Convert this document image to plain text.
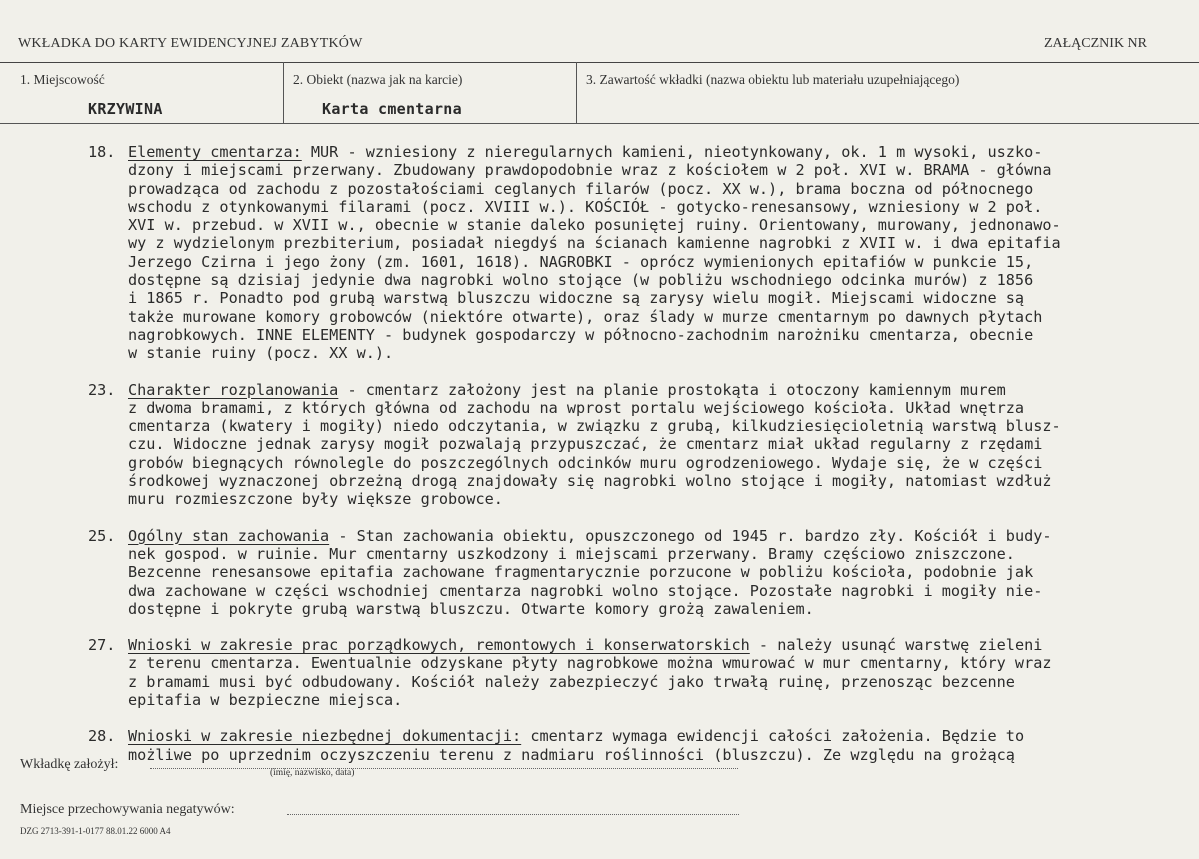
WKŁADKA DO KARTY EWIDENCYJNEJ ZABYTKÓW	ZAŁĄCZNIK NR
1. Miejscowość
KRZYWINA
2. Obiekt (nazwa jak na karcie)
Karta cmentarna
3. Zawartość wkładki (nazwa obiektu lub materiału uzupełniającego)
18. Elementy cmentarza: MUR - wzniesiony z nieregularnych kamieni, nieotynkowany, ok. 1 m wysoki, uszko-
dzony i miejscami przerwany. Zbudowany prawdopodobnie wraz z kościołem w 2 poł. XVI w. BRAMA - główna
prowadząca od zachodu z pozostałościami ceglanych filarów (pocz. XX w.), brama boczna od północnego
wschodu z otynkowanymi filarami (pocz. XVIII w.). KOŚCIÓŁ - gotycko-renesansowy, wzniesiony w 2 poł.
XVI w. przebud. w XVII w., obecnie w stanie daleko posuniętej ruiny. Orientowany, murowany, jednonawo-
wy z wydzielonym prezbiterium, posiadał niegdyś na ścianach kamienne nagrobki z XVII w. i dwa epitafia
Jerzego Czirna i jego żony (zm. 1601, 1618). NAGROBKI - oprócz wymienionych epitafiów w punkcie 15,
dostępne są dzisiaj jedynie dwa nagrobki wolno stojące (w pobliżu wschodniego odcinka murów) z 1856
i 1865 r. Ponadto pod grubą warstwą bluszczu widoczne są zarysy wielu mogił. Miejscami widoczne są
także murowane komory grobowców (niektóre otwarte), oraz ślady w murze cmentarnym po dawnych płytach
nagrobkowych. INNE ELEMENTY - budynek gospodarczy w północno-zachodnim narożniku cmentarza, obecnie
w stanie ruiny (pocz. XX w.).
23. Charakter rozplanowania - cmentarz założony jest na planie prostokąta i otoczony kamiennym murem
z dwoma bramami, z których główna od zachodu na wprost portalu wejściowego kościoła. Układ wnętrza
cmentarza (kwatery i mogiły) niedo odczytania, w związku z grubą, kilkudziesięcioletnią warstwą blusz-
czu. Widoczne jednak zarysy mogił pozwalają przypuszczać, że cmentarz miał układ regularny z rzędami
grobów biegnących równolegle do poszczególnych odcinków muru ogrodzeniowego. Wydaje się, że w części
środkowej wyznaczonej obrzeżną drogą znajdowały się nagrobki wolno stojące i mogiły, natomiast wzdłuż
muru rozmieszczone były większe grobowce.
25. Ogólny stan zachowania - Stan zachowania obiektu, opuszczonego od 1945 r. bardzo zły. Kościół i budy-
nek gospod. w ruinie. Mur cmentarny uszkodzony i miejscami przerwany. Bramy częściowo zniszczone.
Bezcenne renesansowe epitafia zachowane fragmentarycznie porzucone w pobliżu kościoła, podobnie jak
dwa zachowane w części wschodniej cmentarza nagrobki wolno stojące. Pozostałe nagrobki i mogiły nie-
dostępne i pokryte grubą warstwą bluszczu. Otwarte komory grożą zawaleniem.
27. Wnioski w zakresie prac porządkowych, remontowych i konserwatorskich - należy usunąć warstwę zieleni
z terenu cmentarza. Ewentualnie odzyskane płyty nagrobkowe można wmurować w mur cmentarny, który wraz
z bramami musi być odbudowany. Kościół należy zabezpieczyć jako trwałą ruinę, przenosząc bezcenne
epitafia w bezpieczne miejsca.
28. Wnioski w zakresie niezbędnej dokumentacji: cmentarz wymaga ewidencji całości założenia. Będzie to
możliwe po uprzednim oczyszczeniu terenu z nadmiaru roślinności (bluszczu). Ze względu na grożącą
Wkładkę założył:
(imię, nazwisko, data)
Miejsce przechowywania negatywów:
DZG 2713-391-1-0177 88.01.22 6000 A4
